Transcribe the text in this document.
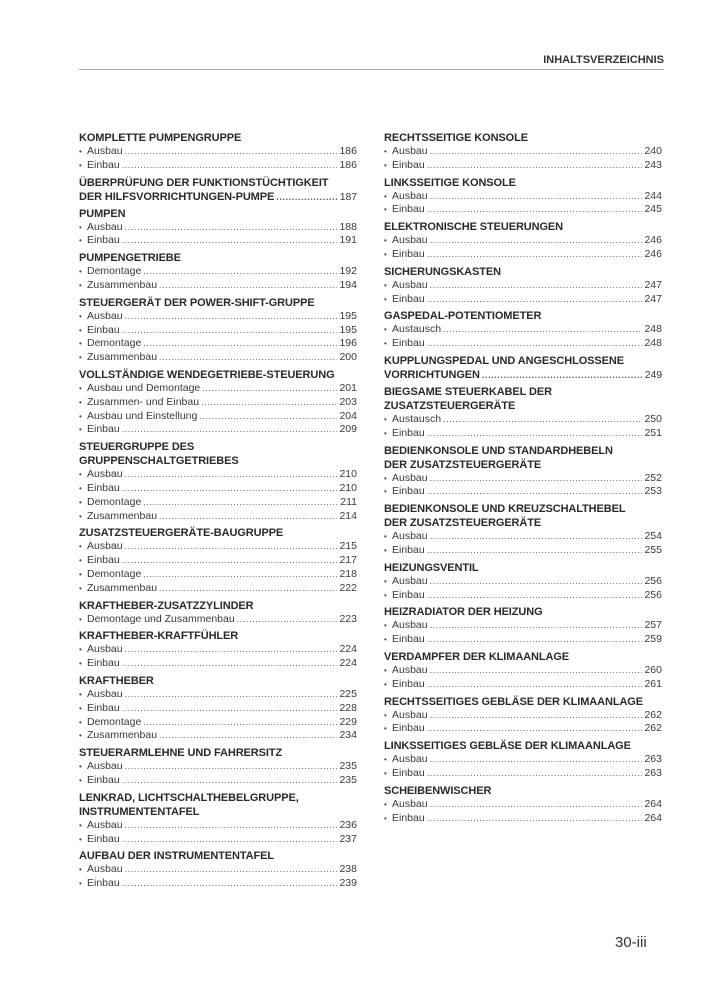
INHALTSVERZEICHNIS
KOMPLETTE PUMPENGRUPPE
• Ausbau .....	186
• Einbau .....	186
ÜBERPRÜFUNG DER FUNKTIONSTÜCHTIGKEIT
DER HILFSVORRICHTUNGEN-PUMPE .....	187
PUMPEN
• Ausbau .....	188
• Einbau .....	191
PUMPENGETRIEBE
• Demontage .....	192
• Zusammenbau .....	194
STEUERGERÄT DER POWER-SHIFT-GRUPPE
• Ausbau .....	195
• Einbau .....	195
• Demontage .....	196
• Zusammenbau .....	200
VOLLSTÄNDIGE WENDEGETRIEBE-STEUERUNG
• Ausbau und Demontage .....	201
• Zusammen- und Einbau .....	203
• Ausbau und Einstellung .....	204
• Einbau .....	209
STEUERGRUPPE DES
GRUPPENSCHALTGETRIEBES
• Ausbau .....	210
• Einbau .....	210
• Demontage .....	211
• Zusammenbau .....	214
ZUSATZSTEUERGERÄTE-BAUGRUPPE
• Ausbau .....	215
• Einbau .....	217
• Demontage .....	218
• Zusammenbau .....	222
KRAFTHEBER-ZUSATZZYLINDER
• Demontage und Zusammenbau .....	223
KRAFTHEBER-KRAFTFÜHLER
• Ausbau .....	224
• Einbau .....	224
KRAFTHEBER
• Ausbau .....	225
• Einbau .....	228
• Demontage .....	229
• Zusammenbau .....	234
STEUERARMLEHNE UND FAHRERSITZ
• Ausbau .....	235
• Einbau .....	235
LENKRAD, LICHTSCHALTHEBELGRUPPE,
INSTRUMENTENTAFEL
• Ausbau .....	236
• Einbau .....	237
AUFBAU DER INSTRUMENTENTAFEL
• Ausbau .....	238
• Einbau .....	239
RECHTSSEITIGE KONSOLE
• Ausbau .....	240
• Einbau .....	243
LINKSSEITIGE KONSOLE
• Ausbau .....	244
• Einbau .....	245
ELEKTRONISCHE STEUERUNGEN
• Ausbau .....	246
• Einbau .....	246
SICHERUNGSKASTEN
• Ausbau .....	247
• Einbau .....	247
GASPEDAL-POTENTIOMETER
• Austausch .....	248
• Einbau .....	248
KUPPLUNGSPEDAL UND ANGESCHLOSSENE
VORRICHTUNGEN .....	249
BIEGSAME STEUERKABEL DER
ZUSATZSTEUERGERÄTE
• Austausch .....	250
• Einbau .....	251
BEDIENKONSOLE UND STANDARDHEBELN
DER ZUSATZSTEUERGERÄTE
• Ausbau .....	252
• Einbau .....	253
BEDIENKONSOLE UND KREUZSCHALTHEBEL
DER ZUSATZSTEUERGERÄTE
• Ausbau .....	254
• Einbau .....	255
HEIZUNGSVENTIL
• Ausbau .....	256
• Einbau .....	256
HEIZRADIATOR DER HEIZUNG
• Ausbau .....	257
• Einbau .....	259
VERDAMPFER DER KLIMAANLAGE
• Ausbau .....	260
• Einbau .....	261
RECHTSSEITIGES GEBLÄSE DER KLIMAANLAGE
• Ausbau .....	262
• Einbau .....	262
LINKSSEITIGES GEBLÄSE DER KLIMAANLAGE
• Ausbau .....	263
• Einbau .....	263
SCHEIBENWISCHER
• Ausbau .....	264
• Einbau .....	264
30-iii
